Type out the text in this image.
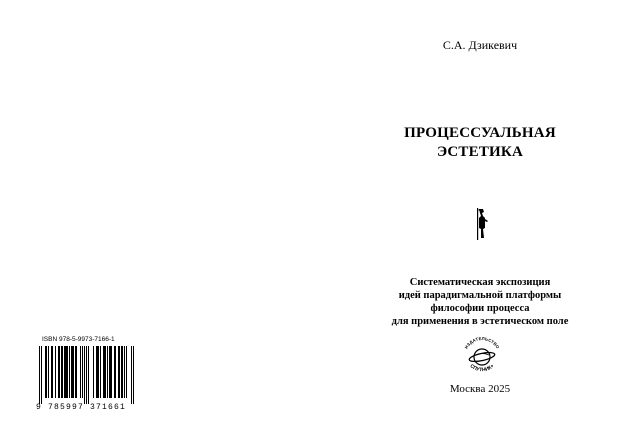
ISBN 978-5-9973-7166-1
9 785997 371661
С.А. Дзикевич
ПРОЦЕССУАЛЬНАЯ
ЭСТЕТИКА
Систематическая экспозиция
идей парадигмальной платформы
философии процесса
для применения в эстетическом поле
ИЗДАТЕЛЬСТВО
СПУТНИК+
Москва 2025
